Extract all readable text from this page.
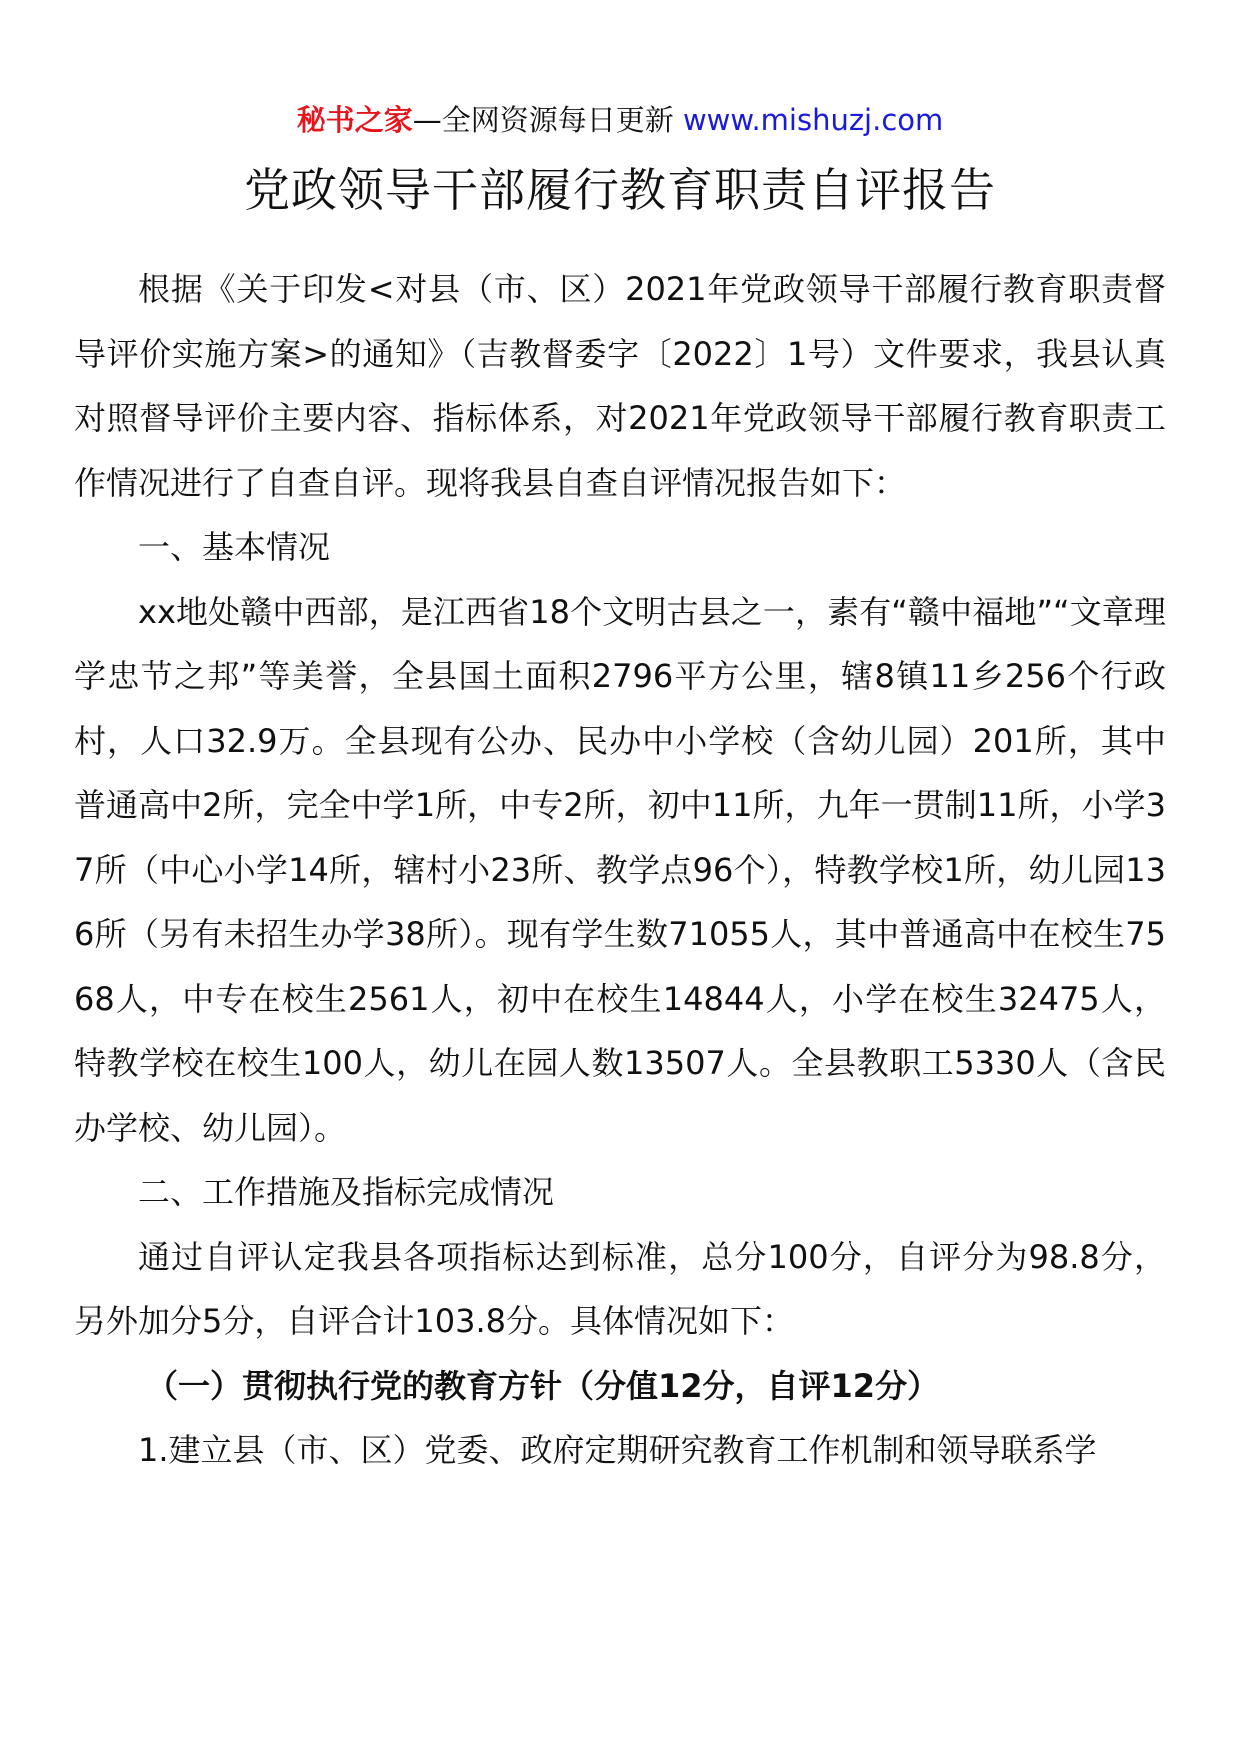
秘书之家—全网资源每日更新 www.mishuzj.com
党政领导干部履行教育职责自评报告

根据《关于印发<对县（市、区）2021年党政领导干部履行教育职责督导评价实施方案>的通知》（吉教督委字〔2022〕1号）文件要求，我县认真对照督导评价主要内容、指标体系，对2021年党政领导干部履行教育职责工作情况进行了自查自评。现将我县自查自评情况报告如下：

一、基本情况

xx地处赣中西部，是江西省18个文明古县之一，素有“赣中福地”“文章理学忠节之邦”等美誉，全县国土面积2796平方公里，辖8镇11乡256个行政村，人口32.9万。全县现有公办、民办中小学校（含幼儿园）201所，其中普通高中2所，完全中学1所，中专2所，初中11所，九年一贯制11所，小学37所（中心小学14所，辖村小23所、教学点96个），特教学校1所，幼儿园136所（另有未招生办学38所）。现有学生数71055人，其中普通高中在校生7568人，中专在校生2561人，初中在校生14844人，小学在校生32475人，特教学校在校生100人，幼儿在园人数13507人。全县教职工5330人（含民办学校、幼儿园）。

二、工作措施及指标完成情况

通过自评认定我县各项指标达到标准，总分100分，自评分为98.8分，另外加分5分，自评合计103.8分。具体情况如下：

（一）贯彻执行党的教育方针（分值12分，自评12分）

1.建立县（市、区）党委、政府定期研究教育工作机制和领导联系学
